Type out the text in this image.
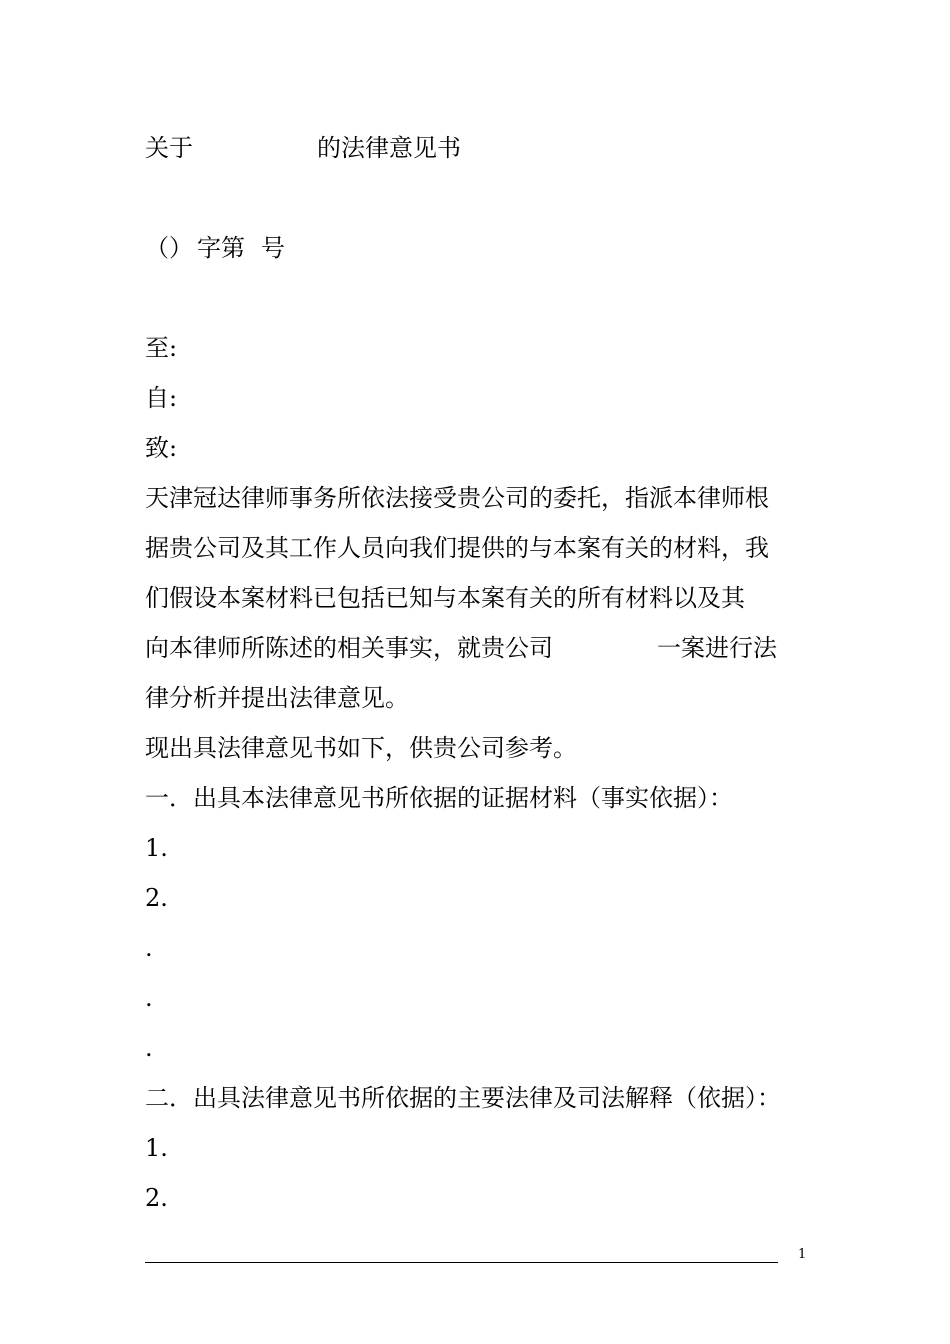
关于	的法律意见书
（） 字第 号
至:
自:
致:
天津冠达律师事务所依法接受贵公司的委托，指派本律师根
据贵公司及其工作人员向我们提供的与本案有关的材料，我
们假设本案材料已包括已知与本案有关的所有材料以及其
向本律师所陈述的相关事实，就贵公司	一案进行法
律分析并提出法律意见。
现出具法律意见书如下，供贵公司参考。
一．出具本法律意见书所依据的证据材料（事实依据）：
1.
2.
.
.
.
二．出具法律意见书所依据的主要法律及司法解释（依据）：
1.
2.
1
